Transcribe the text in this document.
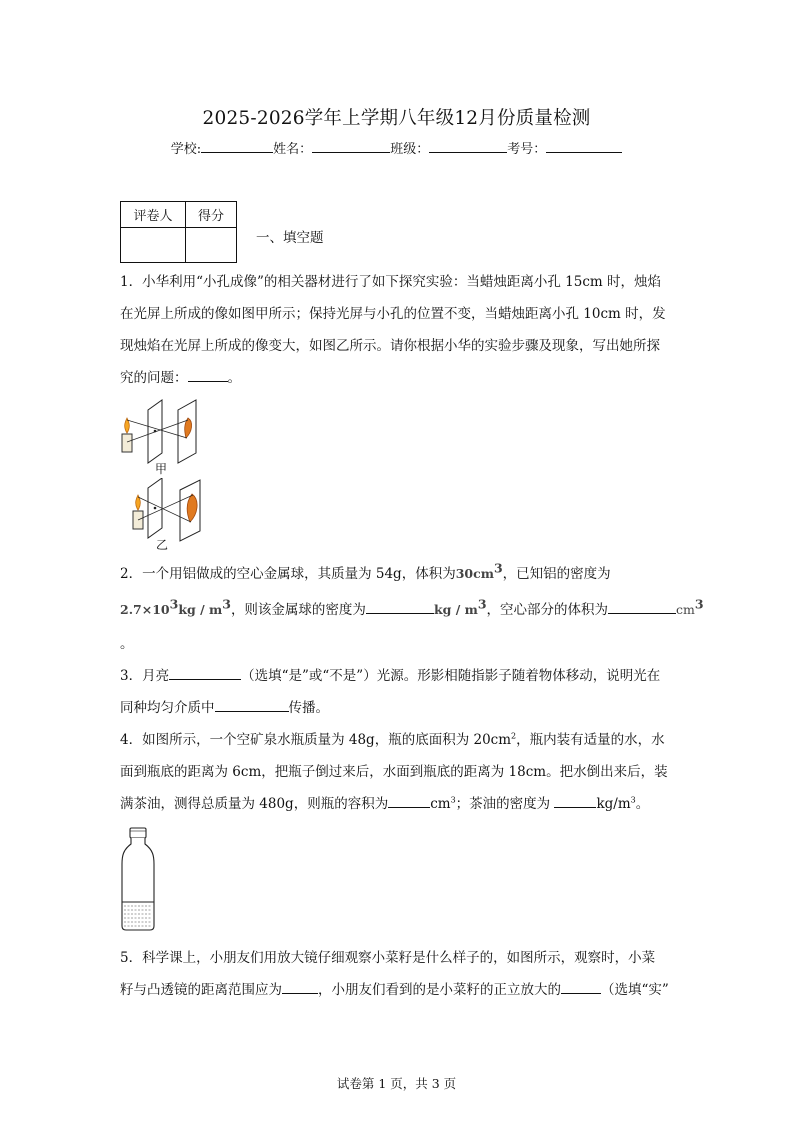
2025-2026学年上学期八年级12月份质量检测
学校:	姓名：	班级：	考号：
评卷人	得分

一、填空题
1．小华利用“小孔成像”的相关器材进行了如下探究实验：当蜡烛距离小孔 15cm 时，烛焰
在光屏上所成的像如图甲所示；保持光屏与小孔的位置不变，当蜡烛距离小孔 10cm 时，发
现烛焰在光屏上所成的像变大，如图乙所示。请你根据小华的实验步骤及现象，写出她所探
究的问题：	。
甲
乙
2．一个用铝做成的空心金属球，其质量为 54g，体积为$30cm^3$，已知铝的密度为
$2.7\times 10^3kg / m^3$，则该金属球的密度为	kg / $m^3$，空心部分的体积为	$cm^3$
。
3．月亮	（选填“是”或“不是”）光源。形影相随指影子随着物体移动，说明光在
同种均匀介质中	传播。
4．如图所示，一个空矿泉水瓶质量为 48g，瓶的底面积为 $20cm^2$，瓶内装有适量的水，水
面到瓶底的距离为 6cm，把瓶子倒过来后，水面到瓶底的距离为 18cm。把水倒出来后，装
满茶油，测得总质量为 480g，则瓶的容积为	$cm^3$；茶油的密度为	$kg/m^3$。
5．科学课上，小朋友们用放大镜仔细观察小菜籽是什么样子的，如图所示，观察时，小菜
籽与凸透镜的距离范围应为	，小朋友们看到的是小菜籽的正立放大的	（选填“实”
试卷第 1 页，共 3 页
